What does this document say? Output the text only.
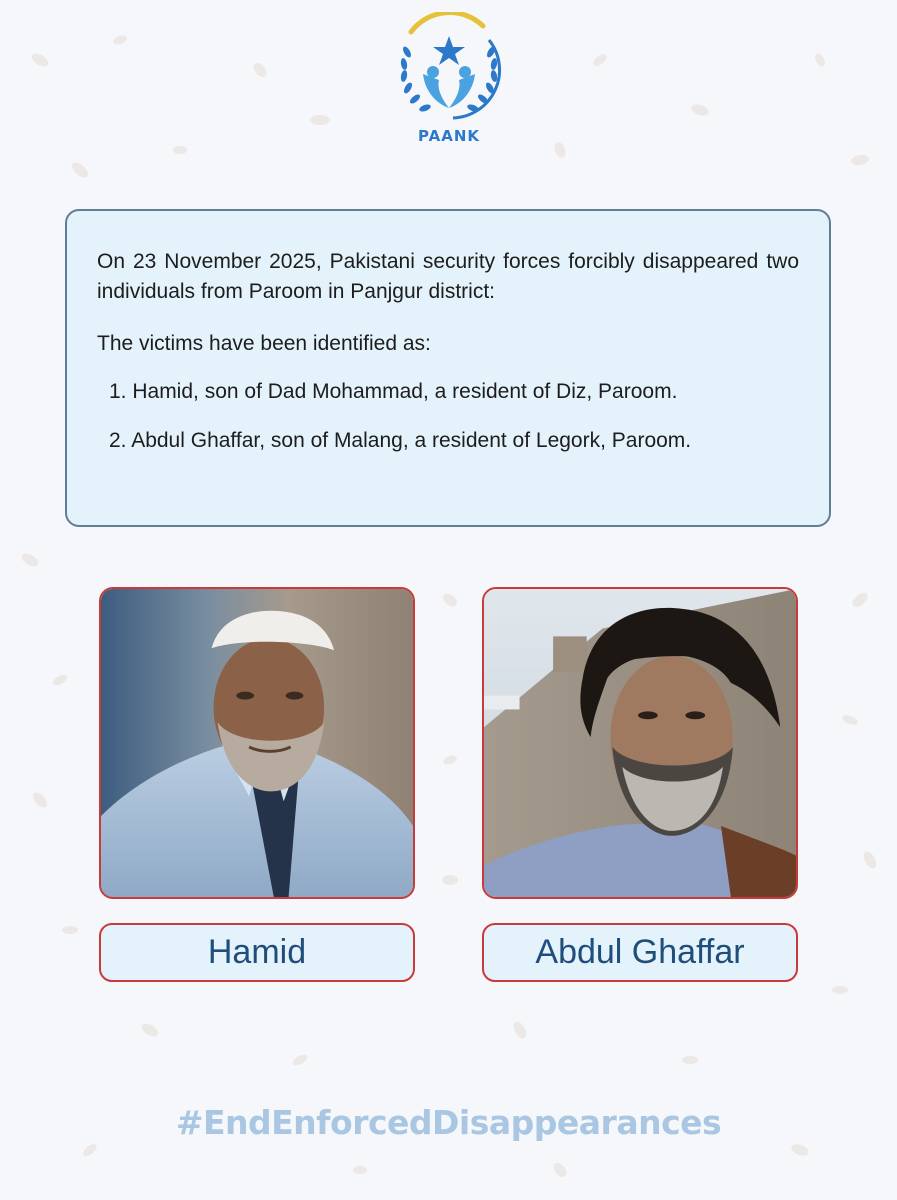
PAANK

On 23 November 2025, Pakistani security forces forcibly disappeared two individuals from Paroom in Panjgur district:

The victims have been identified as:

1. Hamid, son of Dad Mohammad, a resident of Diz, Paroom.
2. Abdul Ghaffar, son of Malang, a resident of Legork, Paroom.
Hamid	Abdul Ghaffar
#EndEnforcedDisappearances
